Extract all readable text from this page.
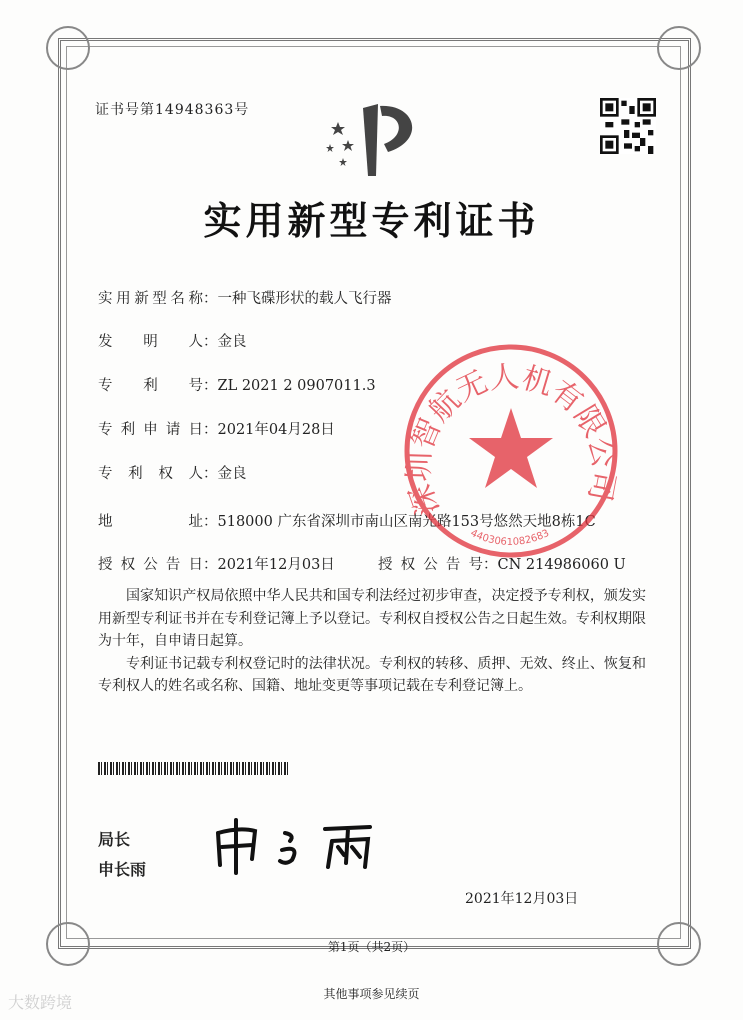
证书号第14948363号
实用新型专利证书
实用新型名称：一种飞碟形状的载人飞行器
发明人：金良
专利号：ZL 2021 2 0907011.3
专利申请日：2021年04月28日
专利权人：金良
地址：518000 广东省深圳市南山区南光路153号悠然天地8栋1C
授权公告日：2021年12月03日	授权公告号：CN 214986060 U
深圳智航无人机有限公司
4403061082683

国家知识产权局依照中华人民共和国专利法经过初步审查，决定授予专利权，颁发实用新型专利证书并在专利登记簿上予以登记。专利权自授权公告之日起生效。专利权期限为十年，自申请日起算。

专利证书记载专利权登记时的法律状况。专利权的转移、质押、无效、终止、恢复和专利权人的姓名或名称、国籍、地址变更等事项记载在专利登记簿上。

局长
申长雨
2021年12月03日
第1页（共2页）
其他事项参见续页
大数跨境
